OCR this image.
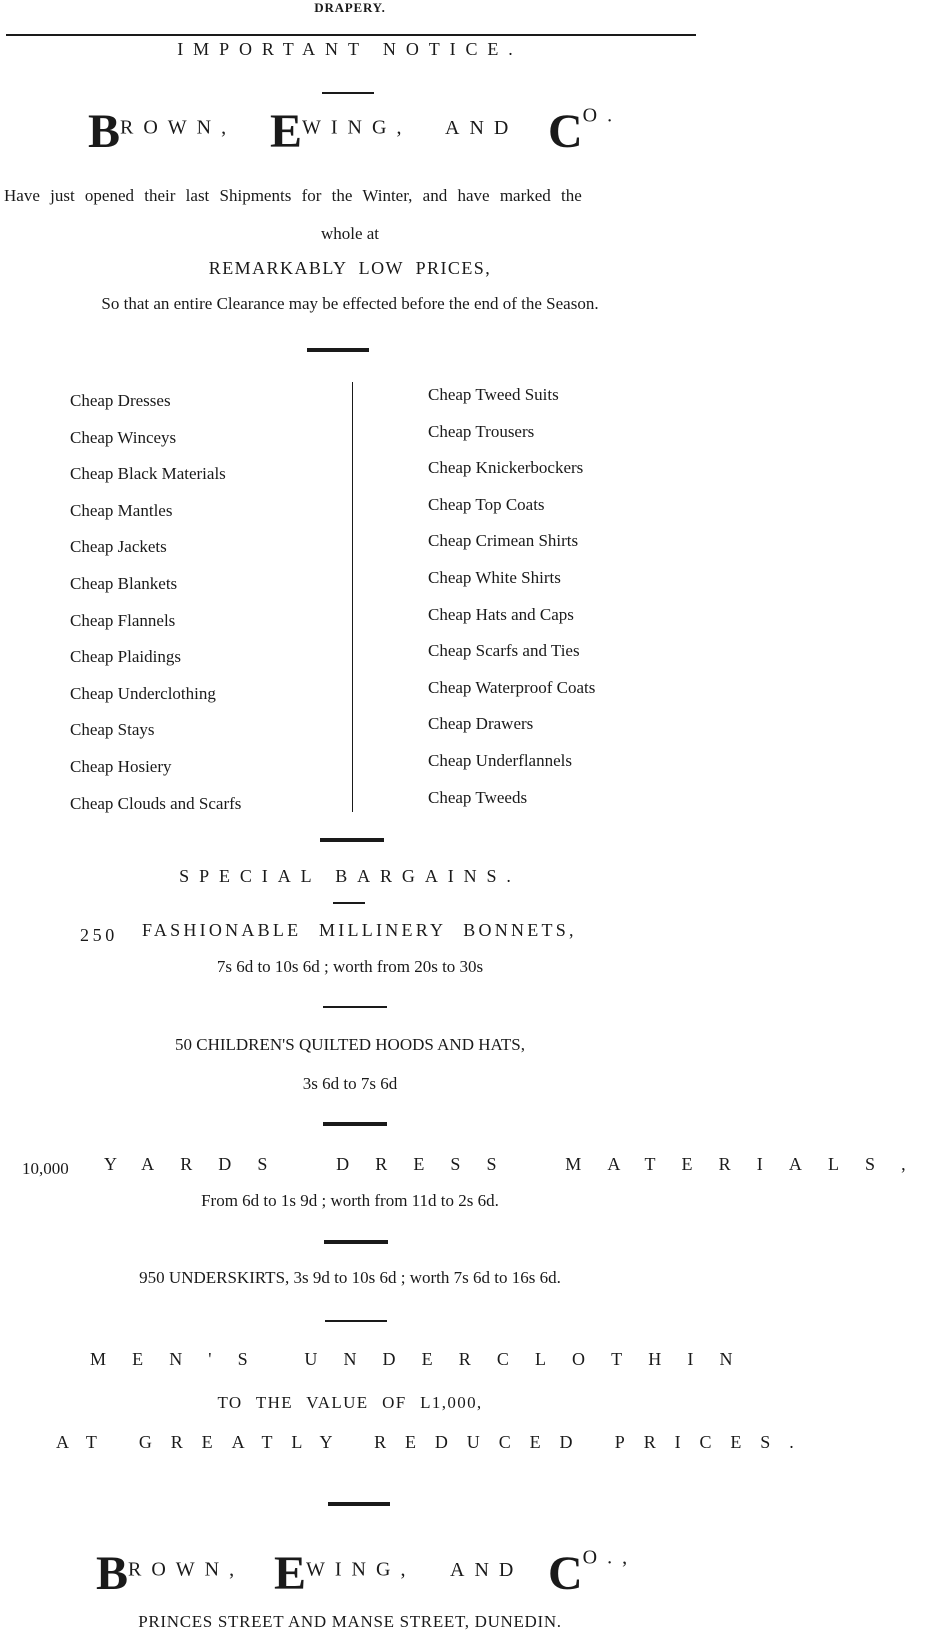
DRAPERY.
IMPORTANT NOTICE.
BROWN, EWING, AND CO.
Have just opened their last Shipments for the Winter, and have marked the
whole at
REMARKABLY LOW PRICES,
So that an entire Clearance may be effected before the end of the Season.
Cheap Dresses
Cheap Winceys
Cheap Black Materials
Cheap Mantles
Cheap Jackets
Cheap Blankets
Cheap Flannels
Cheap Plaidings
Cheap Underclothing
Cheap Stays
Cheap Hosiery
Cheap Clouds and Scarfs
Cheap Tweed Suits
Cheap Trousers
Cheap Knickerbockers
Cheap Top Coats
Cheap Crimean Shirts
Cheap White Shirts
Cheap Hats and Caps
Cheap Scarfs and Ties
Cheap Waterproof Coats
Cheap Drawers
Cheap Underflannels
Cheap Tweeds
SPECIAL BARGAINS.
250 FASHIONABLE MILLINERY BONNETS,
7s 6d to 10s 6d ; worth from 20s to 30s
50 CHILDREN'S QUILTED HOODS AND HATS,
3s 6d to 7s 6d
10,000 YARDS DRESS MATERIALS,
From 6d to 1s 9d ; worth from 11d to 2s 6d.
950 UNDERSKIRTS, 3s 9d to 10s 6d ; worth 7s 6d to 16s 6d.
MEN'S UNDERCLOTHIN
TO THE VALUE OF L1,000,
AT GREATLY REDUCED PRICES.
BROWN, EWING, AND CO.,
PRINCES STREET AND MANSE STREET, DUNEDIN.
